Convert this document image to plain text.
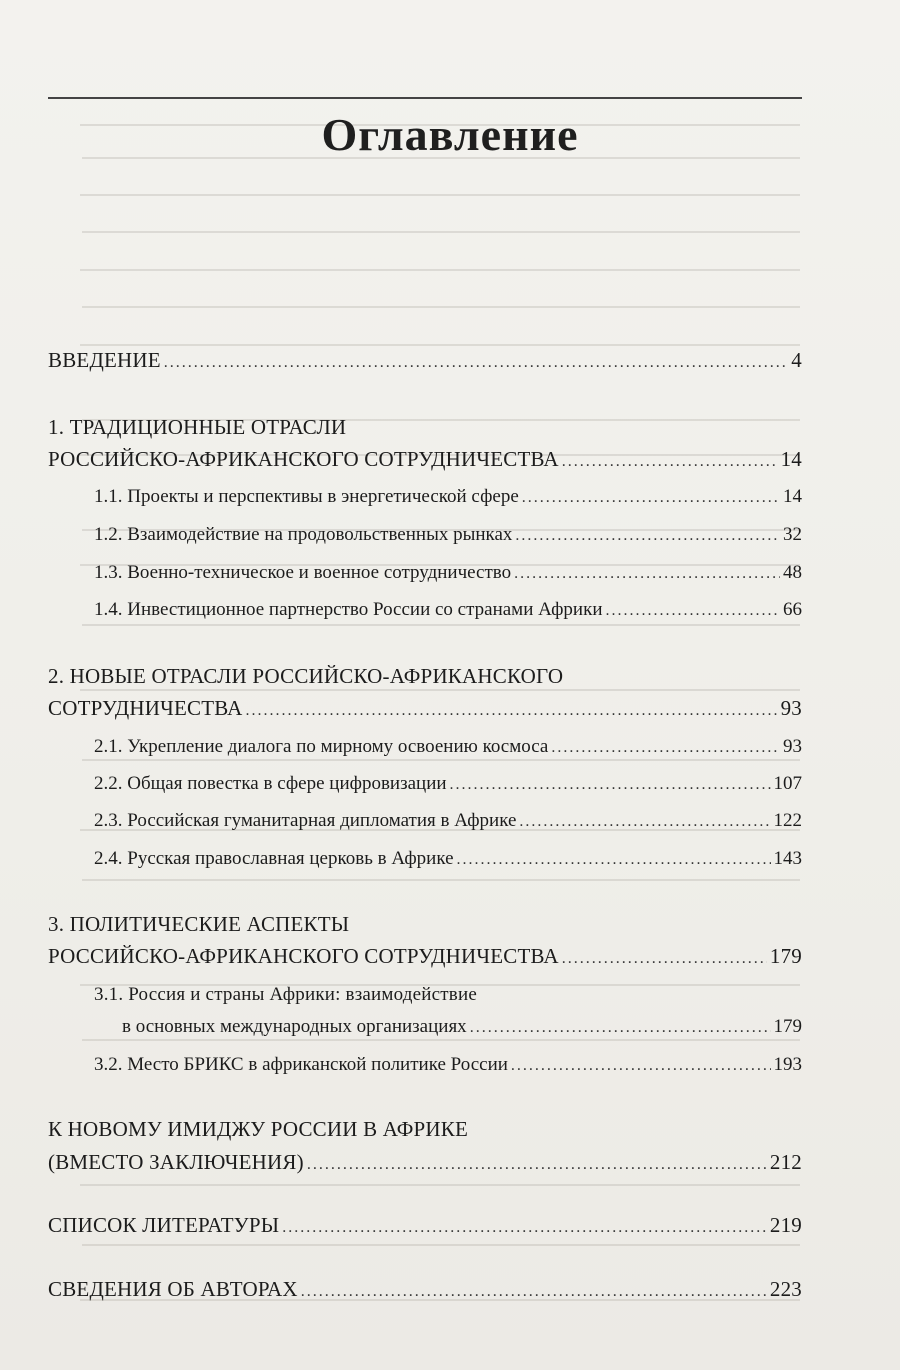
Оглавление
ВВЕДЕНИЕ .....	4
1. ТРАДИЦИОННЫЕ ОТРАСЛИ
РОССИЙСКО-АФРИКАНСКОГО СОТРУДНИЧЕСТВА .....	14
1.1. Проекты и перспективы в энергетической сфере .....	14
1.2. Взаимодействие на продовольственных рынках .....	32
1.3. Военно-техническое и военное сотрудничество .....	48
1.4. Инвестиционное партнерство России со странами Африки .....	66
2. НОВЫЕ ОТРАСЛИ РОССИЙСКО-АФРИКАНСКОГО
СОТРУДНИЧЕСТВА .....	93
2.1. Укрепление диалога по мирному освоению космоса .....	93
2.2. Общая повестка в сфере цифровизации .....	107
2.3. Российская гуманитарная дипломатия в Африке .....	122
2.4. Русская православная церковь в Африке .....	143
3. ПОЛИТИЧЕСКИЕ АСПЕКТЫ
РОССИЙСКО-АФРИКАНСКОГО СОТРУДНИЧЕСТВА .....	179
3.1. Россия и страны Африки: взаимодействие
в основных международных организациях .....	179
3.2. Место БРИКС в африканской политике России .....	193
К НОВОМУ ИМИДЖУ РОССИИ В АФРИКЕ
(ВМЕСТО ЗАКЛЮЧЕНИЯ) .....	212
СПИСОК ЛИТЕРАТУРЫ .....	219
СВЕДЕНИЯ ОБ АВТОРАХ .....	223
